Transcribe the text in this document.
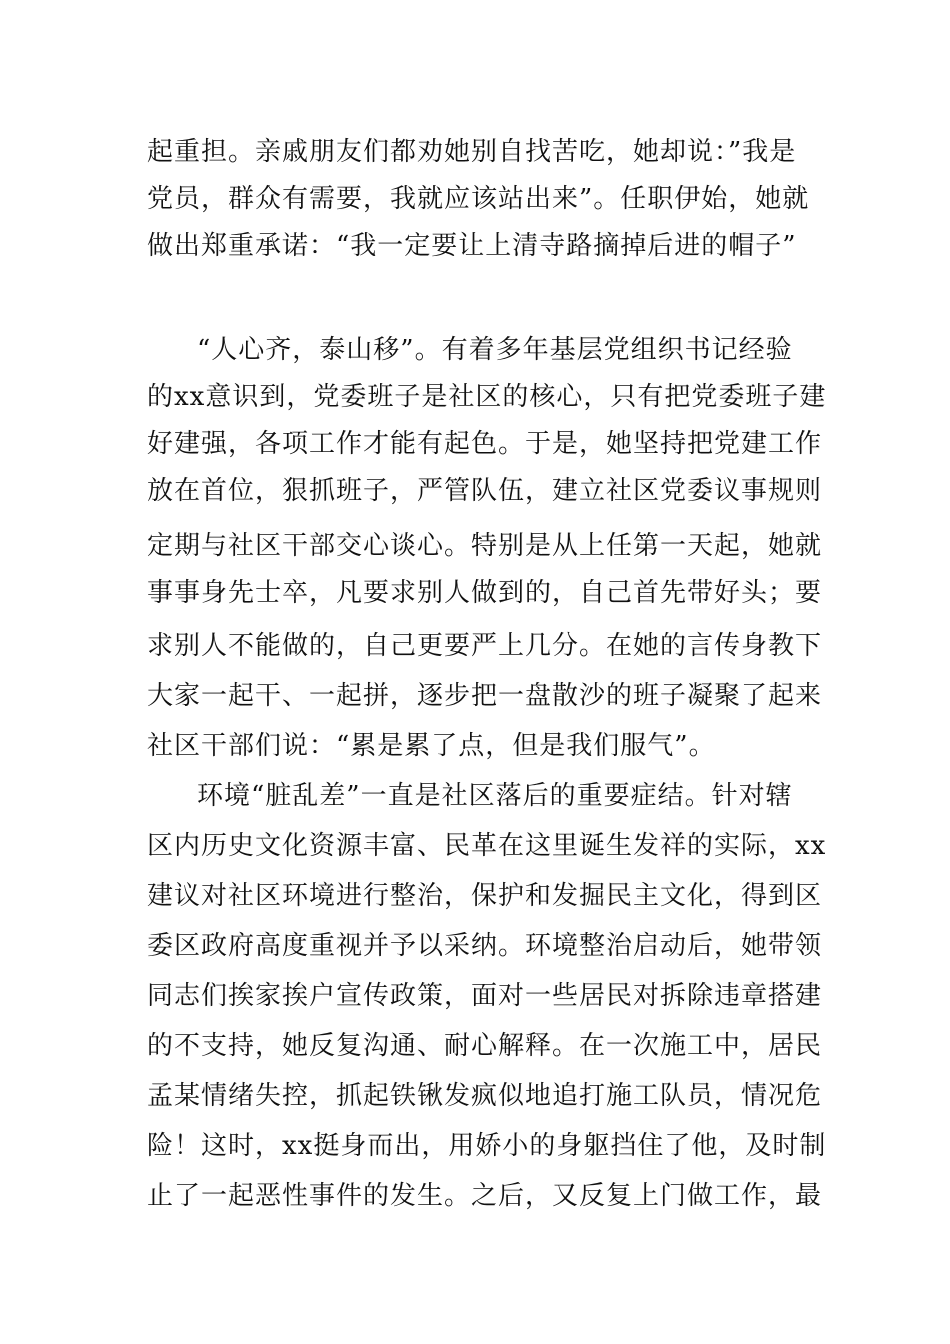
起重担。亲戚朋友们都劝她别自找苦吃，她却说：”我是
党员，群众有需要，我就应该站出来”。任职伊始，她就
做出郑重承诺：“我一定要让上清寺路摘掉后进的帽子”
“人心齐，泰山移”。有着多年基层党组织书记经验
的xx意识到，党委班子是社区的核心，只有把党委班子建
好建强，各项工作才能有起色。于是，她坚持把党建工作
放在首位，狠抓班子，严管队伍，建立社区党委议事规则
定期与社区干部交心谈心。特别是从上任第一天起，她就
事事身先士卒，凡要求别人做到的，自己首先带好头；要
求别人不能做的，自己更要严上几分。在她的言传身教下
大家一起干、一起拼，逐步把一盘散沙的班子凝聚了起来
社区干部们说：“累是累了点，但是我们服气”。
环境“脏乱差”一直是社区落后的重要症结。针对辖
区内历史文化资源丰富、民革在这里诞生发祥的实际，xx
建议对社区环境进行整治，保护和发掘民主文化，得到区
委区政府高度重视并予以采纳。环境整治启动后，她带领
同志们挨家挨户宣传政策，面对一些居民对拆除违章搭建
的不支持，她反复沟通、耐心解释。在一次施工中，居民
孟某情绪失控，抓起铁锹发疯似地追打施工队员，情况危
险！这时，xx挺身而出，用娇小的身躯挡住了他，及时制
止了一起恶性事件的发生。之后，又反复上门做工作，最
